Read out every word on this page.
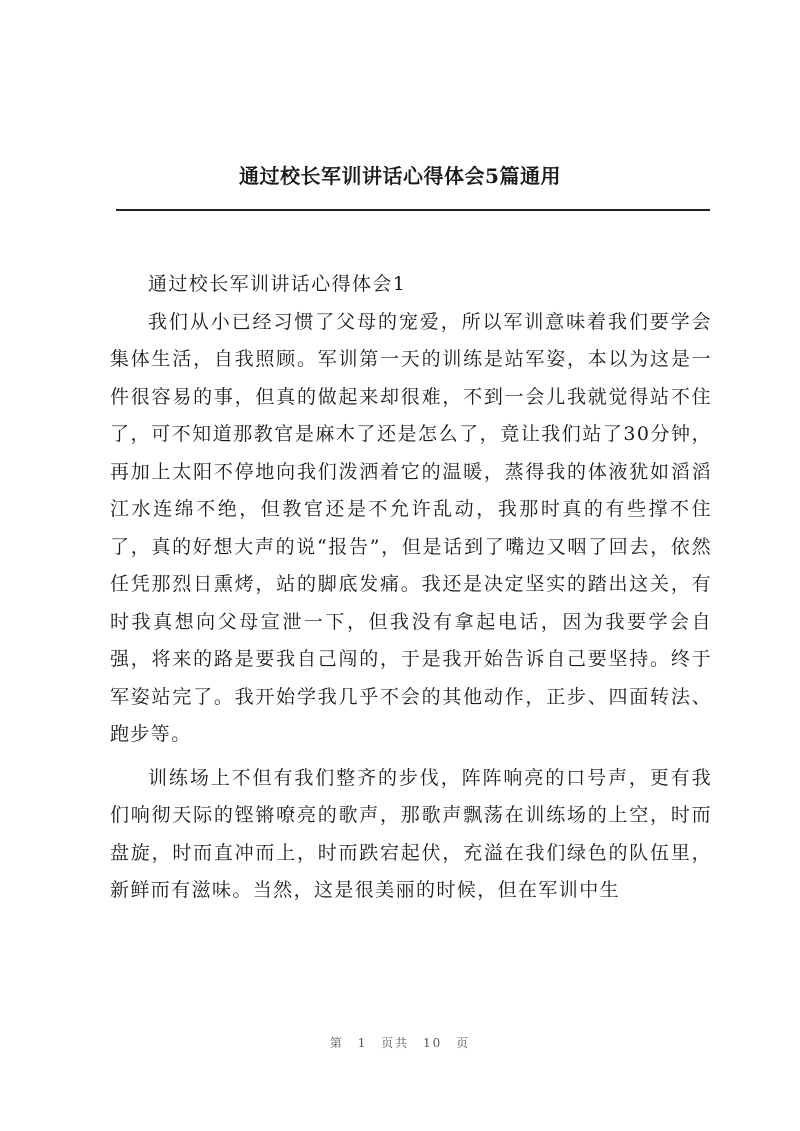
通过校长军训讲话心得体会5篇通用

通过校长军训讲话心得体会1

我们从小已经习惯了父母的宠爱，所以军训意味着我们要学会集体生活，自我照顾。军训第一天的训练是站军姿，本以为这是一件很容易的事，但真的做起来却很难，不到一会儿我就觉得站不住了，可不知道那教官是麻木了还是怎么了，竟让我们站了30分钟，再加上太阳不停地向我们泼洒着它的温暖，蒸得我的体液犹如滔滔江水连绵不绝，但教官还是不允许乱动，我那时真的有些撑不住了，真的好想大声的说“报告”，但是话到了嘴边又咽了回去，依然任凭那烈日熏烤，站的脚底发痛。我还是决定坚实的踏出这关，有时我真想向父母宣泄一下，但我没有拿起电话，因为我要学会自强，将来的路是要我自己闯的，于是我开始告诉自己要坚持。终于军姿站完了。我开始学我几乎不会的其他动作，正步、四面转法、跑步等。

训练场上不但有我们整齐的步伐，阵阵响亮的口号声，更有我们响彻天际的铿锵嘹亮的歌声，那歌声飘荡在训练场的上空，时而盘旋，时而直冲而上，时而跌宕起伏，充溢在我们绿色的队伍里，新鲜而有滋味。当然，这是很美丽的时候，但在军训中生

第 1 页共 10 页
